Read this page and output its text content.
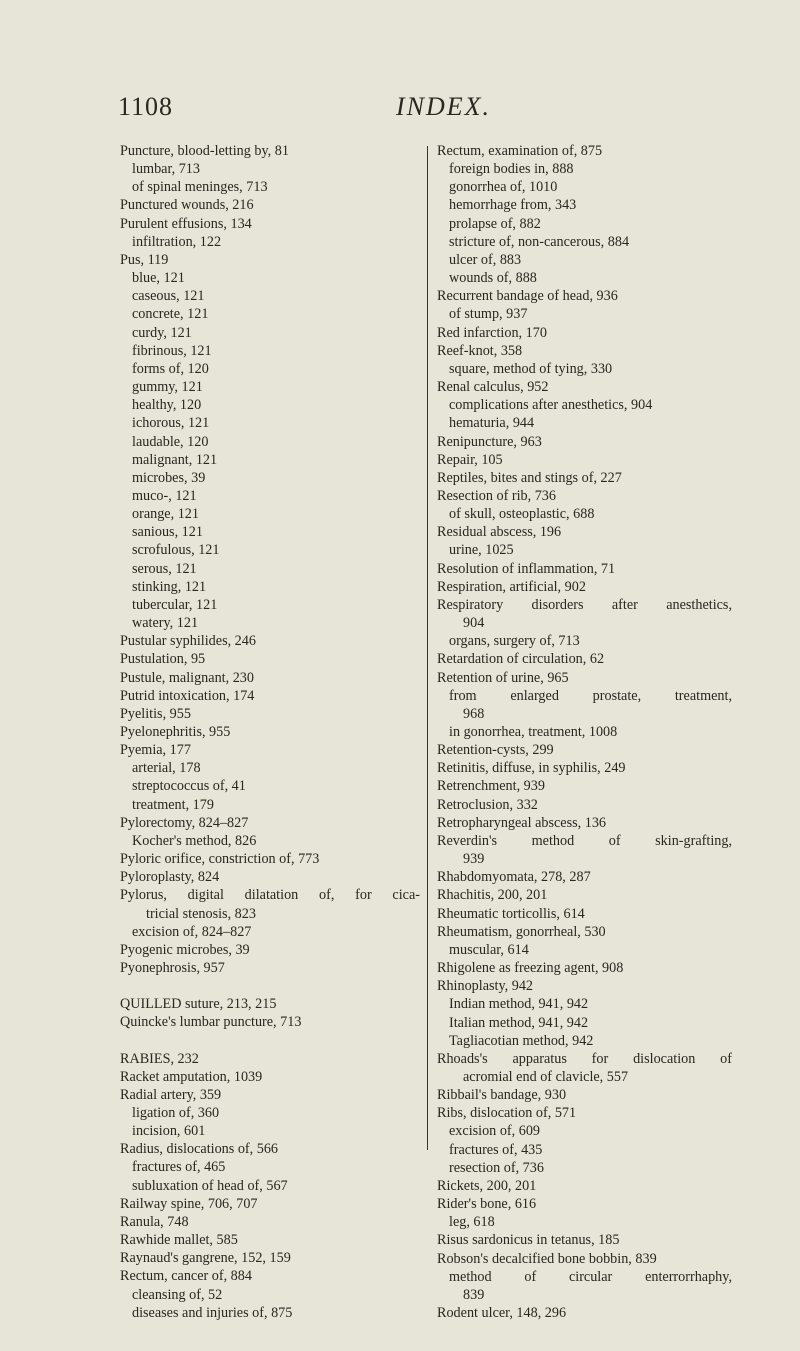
1108	INDEX.
Puncture, blood-letting by, 81
lumbar, 713
of spinal meninges, 713
Punctured wounds, 216
Purulent effusions, 134
infiltration, 122
Pus, 119
blue, 121
caseous, 121
concrete, 121
curdy, 121
fibrinous, 121
forms of, 120
gummy, 121
healthy, 120
ichorous, 121
laudable, 120
malignant, 121
microbes, 39
muco-, 121
orange, 121
sanious, 121
scrofulous, 121
serous, 121
stinking, 121
tubercular, 121
watery, 121
Pustular syphilides, 246
Pustulation, 95
Pustule, malignant, 230
Putrid intoxication, 174
Pyelitis, 955
Pyelonephritis, 955
Pyemia, 177
arterial, 178
streptococcus of, 41
treatment, 179
Pylorectomy, 824–827
Kocher's method, 826
Pyloric orifice, constriction of, 773
Pyloroplasty, 824
Pylorus, digital dilatation of, for cica-
tricial stenosis, 823
excision of, 824–827
Pyogenic microbes, 39
Pyonephrosis, 957
QUILLED suture, 213, 215
Quincke's lumbar puncture, 713
RABIES, 232
Racket amputation, 1039
Radial artery, 359
ligation of, 360
incision, 601
Radius, dislocations of, 566
fractures of, 465
subluxation of head of, 567
Railway spine, 706, 707
Ranula, 748
Rawhide mallet, 585
Raynaud's gangrene, 152, 159
Rectum, cancer of, 884
cleansing of, 52
diseases and injuries of, 875
Rectum, examination of, 875
foreign bodies in, 888
gonorrhea of, 1010
hemorrhage from, 343
prolapse of, 882
stricture of, non-cancerous, 884
ulcer of, 883
wounds of, 888
Recurrent bandage of head, 936
of stump, 937
Red infarction, 170
Reef-knot, 358
square, method of tying, 330
Renal calculus, 952
complications after anesthetics, 904
hematuria, 944
Renipuncture, 963
Repair, 105
Reptiles, bites and stings of, 227
Resection of rib, 736
of skull, osteoplastic, 688
Residual abscess, 196
urine, 1025
Resolution of inflammation, 71
Respiration, artificial, 902
Respiratory disorders after anesthetics,
904
organs, surgery of, 713
Retardation of circulation, 62
Retention of urine, 965
from enlarged prostate, treatment,
968
in gonorrhea, treatment, 1008
Retention-cysts, 299
Retinitis, diffuse, in syphilis, 249
Retrenchment, 939
Retroclusion, 332
Retropharyngeal abscess, 136
Reverdin's method of skin-grafting,
939
Rhabdomyomata, 278, 287
Rhachitis, 200, 201
Rheumatic torticollis, 614
Rheumatism, gonorrheal, 530
muscular, 614
Rhigolene as freezing agent, 908
Rhinoplasty, 942
Indian method, 941, 942
Italian method, 941, 942
Tagliacotian method, 942
Rhoads's apparatus for dislocation of
acromial end of clavicle, 557
Ribbail's bandage, 930
Ribs, dislocation of, 571
excision of, 609
fractures of, 435
resection of, 736
Rickets, 200, 201
Rider's bone, 616
leg, 618
Risus sardonicus in tetanus, 185
Robson's decalcified bone bobbin, 839
method of circular enterrorrhaphy,
839
Rodent ulcer, 148, 296
